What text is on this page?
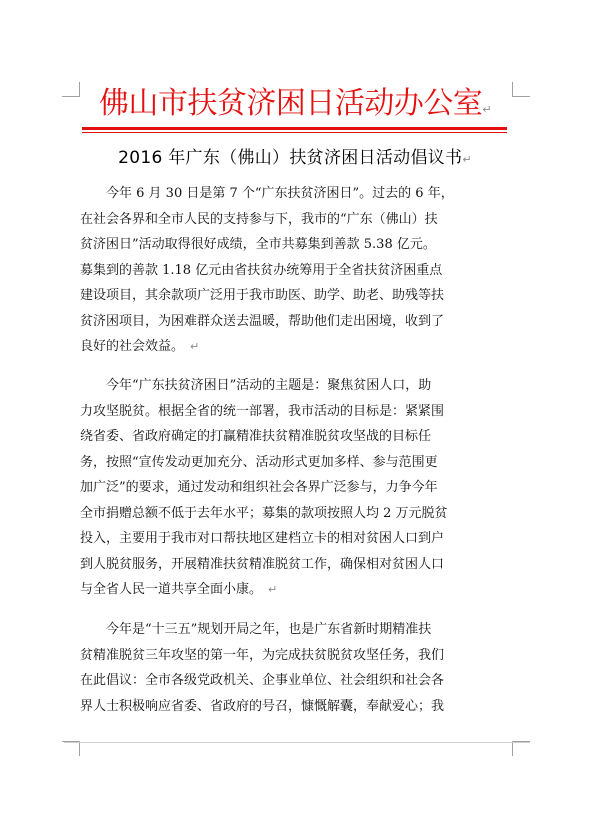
佛山市扶贫济困日活动办公室↵
2016 年广东（佛山）扶贫济困日活动倡议书↵
　　今年 6 月 30 日是第 7 个“广东扶贫济困日”。过去的 6 年，
在社会各界和全市人民的支持参与下，我市的“广东（佛山）扶
贫济困日”活动取得很好成绩，全市共募集到善款 5.38 亿元。
募集到的善款 1.18 亿元由省扶贫办统筹用于全省扶贫济困重点
建设项目，其余款项广泛用于我市助医、助学、助老、助残等扶
贫济困项目，为困难群众送去温暖，帮助他们走出困境，收到了
良好的社会效益。 ↵
　　今年“广东扶贫济困日”活动的主题是：聚焦贫困人口，助
力攻坚脱贫。根据全省的统一部署，我市活动的目标是：紧紧围
绕省委、省政府确定的打赢精准扶贫精准脱贫攻坚战的目标任
务，按照“宣传发动更加充分、活动形式更加多样、参与范围更
加广泛”的要求，通过发动和组织社会各界广泛参与，力争今年
全市捐赠总额不低于去年水平；募集的款项按照人均 2 万元脱贫
投入，主要用于我市对口帮扶地区建档立卡的相对贫困人口到户
到人脱贫服务，开展精准扶贫精准脱贫工作，确保相对贫困人口
与全省人民一道共享全面小康。 ↵
　　今年是“十三五”规划开局之年，也是广东省新时期精准扶
贫精准脱贫三年攻坚的第一年，为完成扶贫脱贫攻坚任务，我们
在此倡议：全市各级党政机关、企事业单位、社会组织和社会各
界人士积极响应省委、省政府的号召，慷慨解囊，奉献爱心；我
